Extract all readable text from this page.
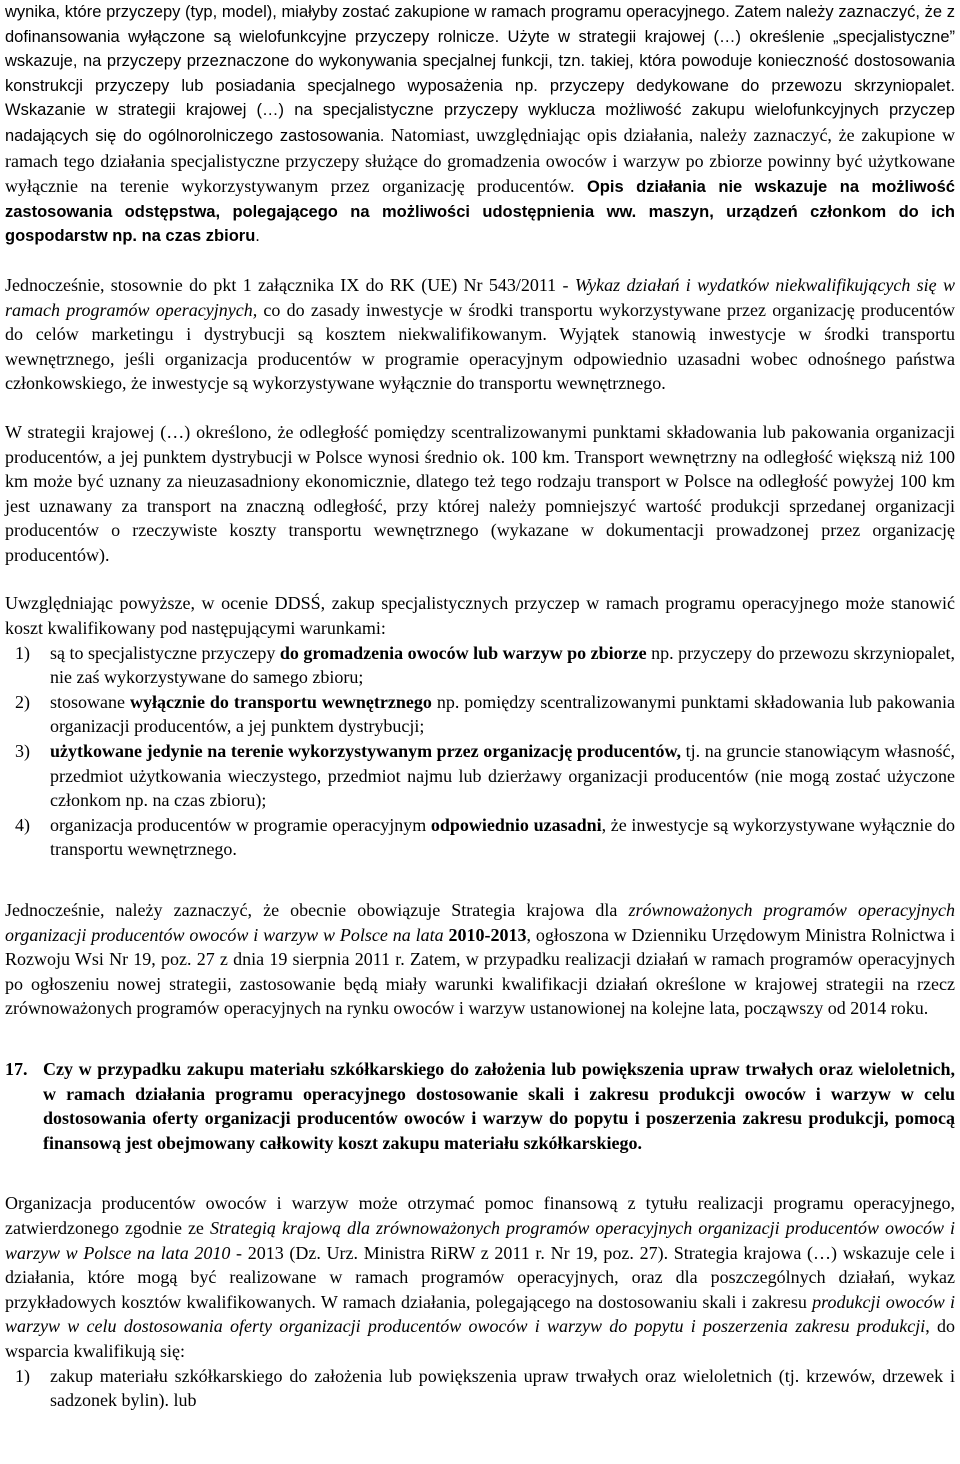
wynika, które przyczepy (typ, model), miałyby zostać zakupione w ramach programu operacyjnego. Zatem należy zaznaczyć, że z dofinansowania wyłączone są wielofunkcyjne przyczepy rolnicze. Użyte w strategii krajowej (…) określenie „specjalistyczne” wskazuje, na przyczepy przeznaczone do wykonywania specjalnej funkcji, tzn. takiej, która powoduje konieczność dostosowania konstrukcji przyczepy lub posiadania specjalnego wyposażenia np. przyczepy dedykowane do przewozu skrzyniopalet. Wskazanie w strategii krajowej (…) na specjalistyczne przyczepy wyklucza możliwość zakupu wielofunkcyjnych przyczep nadających się do ogólnorolniczego zastosowania. Natomiast, uwzględniając opis działania, należy zaznaczyć, że zakupione w ramach tego działania specjalistyczne przyczepy służące do gromadzenia owoców i warzyw po zbiorze powinny być użytkowane wyłącznie na terenie wykorzystywanym przez organizację producentów. Opis działania nie wskazuje na możliwość zastosowania odstępstwa, polegającego na możliwości udostępnienia ww. maszyn, urządzeń członkom do ich gospodarstw np. na czas zbioru.

Jednocześnie, stosownie do pkt 1 załącznika IX do RK (UE) Nr 543/2011 - Wykaz działań i wydatków niekwalifikujących się w ramach programów operacyjnych, co do zasady inwestycje w środki transportu wykorzystywane przez organizację producentów do celów marketingu i dystrybucji są kosztem niekwalifikowanym. Wyjątek stanowią inwestycje w środki transportu wewnętrznego, jeśli organizacja producentów w programie operacyjnym odpowiednio uzasadni wobec odnośnego państwa członkowskiego, że inwestycje są wykorzystywane wyłącznie do transportu wewnętrznego.

W strategii krajowej (…) określono, że odległość pomiędzy scentralizowanymi punktami składowania lub pakowania organizacji producentów, a jej punktem dystrybucji w Polsce wynosi średnio ok. 100 km. Transport wewnętrzny na odległość większą niż 100 km może być uznany za nieuzasadniony ekonomicznie, dlatego też tego rodzaju transport w Polsce na odległość powyżej 100 km jest uznawany za transport na znaczną odległość, przy której należy pomniejszyć wartość produkcji sprzedanej organizacji producentów o rzeczywiste koszty transportu wewnętrznego (wykazane w dokumentacji prowadzonej przez organizację producentów).

Uwzględniając powyższe, w ocenie DDSŚ, zakup specjalistycznych przyczep w ramach programu operacyjnego może stanowić koszt kwalifikowany pod następującymi warunkami:

1)	są to specjalistyczne przyczepy do gromadzenia owoców lub warzyw po zbiorze np. przyczepy do przewozu skrzyniopalet, nie zaś wykorzystywane do samego zbioru;
2)	stosowane wyłącznie do transportu wewnętrznego np. pomiędzy scentralizowanymi punktami składowania lub pakowania organizacji producentów, a jej punktem dystrybucji;
3)	użytkowane jedynie na terenie wykorzystywanym przez organizację producentów, tj. na gruncie stanowiącym własność, przedmiot użytkowania wieczystego, przedmiot najmu lub dzierżawy organizacji producentów (nie mogą zostać użyczone członkom np. na czas zbioru);
4)	organizacja producentów w programie operacyjnym odpowiednio uzasadni, że inwestycje są wykorzystywane wyłącznie do transportu wewnętrznego.

Jednocześnie, należy zaznaczyć, że obecnie obowiązuje Strategia krajowa dla zrównoważonych programów operacyjnych organizacji producentów owoców i warzyw w Polsce na lata 2010-2013, ogłoszona w Dzienniku Urzędowym Ministra Rolnictwa i Rozwoju Wsi Nr 19, poz. 27 z dnia 19 sierpnia 2011 r. Zatem, w przypadku realizacji działań w ramach programów operacyjnych po ogłoszeniu nowej strategii, zastosowanie będą miały warunki kwalifikacji działań określone w krajowej strategii na rzecz zrównoważonych programów operacyjnych na rynku owoców i warzyw ustanowionej na kolejne lata, począwszy od 2014 roku.

17. Czy w przypadku zakupu materiału szkółkarskiego do założenia lub powiększenia upraw trwałych oraz wieloletnich, w ramach działania programu operacyjnego dostosowanie skali i zakresu produkcji owoców i warzyw w celu dostosowania oferty organizacji producentów owoców i warzyw do popytu i poszerzenia zakresu produkcji, pomocą finansową jest obejmowany całkowity koszt zakupu materiału szkółkarskiego.

Organizacja producentów owoców i warzyw może otrzymać pomoc finansową z tytułu realizacji programu operacyjnego, zatwierdzonego zgodnie ze Strategią krajową dla zrównoważonych programów operacyjnych organizacji producentów owoców i warzyw w Polsce na lata 2010 - 2013 (Dz. Urz. Ministra RiRW z 2011 r. Nr 19, poz. 27). Strategia krajowa (…) wskazuje cele i działania, które mogą być realizowane w ramach programów operacyjnych, oraz dla poszczególnych działań, wykaz przykładowych kosztów kwalifikowanych. W ramach działania, polegającego na dostosowaniu skali i zakresu produkcji owoców i warzyw w celu dostosowania oferty organizacji producentów owoców i warzyw do popytu i poszerzenia zakresu produkcji, do wsparcia kwalifikują się:

1)	zakup materiału szkółkarskiego do założenia lub powiększenia upraw trwałych oraz wieloletnich (tj. krzewów, drzewek i sadzonek bylin). lub
